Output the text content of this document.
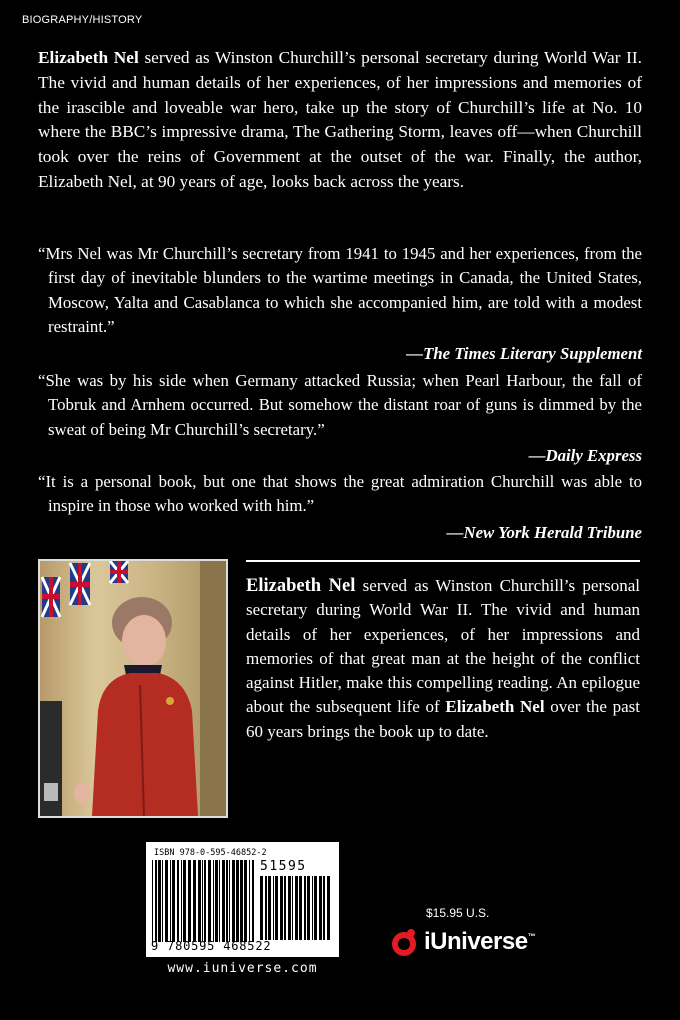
BIOGRAPHY/HISTORY

Elizabeth Nel served as Winston Churchill’s personal secretary during World War II. The vivid and human details of her experiences, of her impressions and memories of the irascible and loveable war hero, take up the story of Churchill’s life at No. 10 where the BBC’s impressive drama, The Gathering Storm, leaves off—when Churchill took over the reins of Government at the outset of the war. Finally, the author, Elizabeth Nel, at 90 years of age, looks back across the years.

“Mrs Nel was Mr Churchill’s secretary from 1941 to 1945 and her experiences, from the first day of inevitable blunders to the wartime meetings in Canada, the United States, Moscow, Yalta and Casablanca to which she accompanied him, are told with a modest restraint.”

—The Times Literary Supplement

“She was by his side when Germany attacked Russia; when Pearl Harbour, the fall of Tobruk and Arnhem occurred. But somehow the distant roar of guns is dimmed by the sweat of being Mr Churchill’s secretary.”

—Daily Express

“It is a personal book, but one that shows the great admiration Churchill was able to inspire in those who worked with him.”

—New York Herald Tribune

Elizabeth Nel served as Winston Churchill’s personal secretary during World War II. The vivid and human details of her experiences, of her impressions and memories of that great man at the height of the conflict against Hitler, make this compelling reading. An epilogue about the subsequent life of Elizabeth Nel over the past 60 years brings the book up to date.

ISBN 978-0-595-46852-2
51595
9 780595 468522
www.iuniverse.com
$15.95 U.S.
iUniverse™
